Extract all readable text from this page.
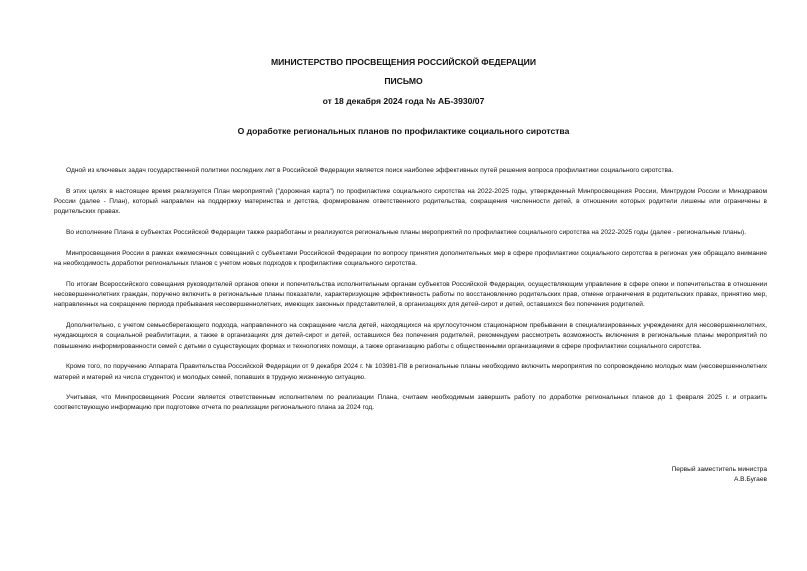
МИНИСТЕРСТВО ПРОСВЕЩЕНИЯ РОССИЙСКОЙ ФЕДЕРАЦИИ
ПИСЬМО
от 18 декабря 2024 года № АБ-3930/07
О доработке региональных планов по профилактике социального сиротства

Одной из ключевых задач государственной политики последних лет в Российской Федерации является поиск наиболее эффективных путей решения вопроса профилактики социального сиротства.

В этих целях в настоящее время реализуется План мероприятий ("дорожная карта") по профилактике социального сиротства на 2022-2025 годы, утвержденный Минпросвещения России, Минтрудом России и Минздравом России (далее - План), который направлен на поддержку материнства и детства, формирование ответственного родительства, сокращения численности детей, в отношении которых родители лишены или ограничены в родительских правах.

Во исполнение Плана в субъектах Российской Федерации также разработаны и реализуются региональные планы мероприятий по профилактике социального сиротства на 2022-2025 годы (далее - региональные планы).

Минпросвещения России в рамках ежемесячных совещаний с субъектами Российской Федерации по вопросу принятия дополнительных мер в сфере профилактики социального сиротства в регионах уже обращало внимание на необходимость доработки региональных планов с учетом новых подходов к профилактике социального сиротства.

По итогам Всероссийского совещания руководителей органов опеки и попечительства исполнительным органам субъектов Российской Федерации, осуществляющим управление в сфере опеки и попечительства в отношении несовершеннолетних граждан, поручено включить в региональные планы показатели, характеризующие эффективность работы по восстановлению родительских прав, отмене ограничения в родительских правах, принятию мер, направленных на сокращение периода пребывания несовершеннолетних, имеющих законных представителей, в организациях для детей-сирот и детей, оставшихся без попечения родителей.

Дополнительно, с учетом семьесберегающего подхода, направленного на сокращение числа детей, находящихся на круглосуточном стационарном пребывании в специализированных учреждениях для несовершеннолетних, нуждающихся в социальной реабилитации, а также в организациях для детей-сирот и детей, оставшихся без попечения родителей, рекомендуем рассмотреть возможность включения в региональные планы мероприятий по повышению информированности семей с детьми о существующих формах и технологиях помощи, а также организацию работы с общественными организациями в сфере профилактики социального сиротства.

Кроме того, по поручению Аппарата Правительства Российской Федерации от 9 декабря 2024 г. № 103981-П8 в региональные планы необходимо включить мероприятия по сопровождению молодых мам (несовершеннолетних матерей и матерей из числа студенток) и молодых семей, попавших в трудную жизненную ситуацию.

Учитывая, что Минпросвещения России является ответственным исполнителем по реализации Плана, считаем необходимым завершить работу по доработке региональных планов до 1 февраля 2025 г. и отразить соответствующую информацию при подготовке отчета по реализации регионального плана за 2024 год.

Первый заместитель министра
А.В.Бугаев
